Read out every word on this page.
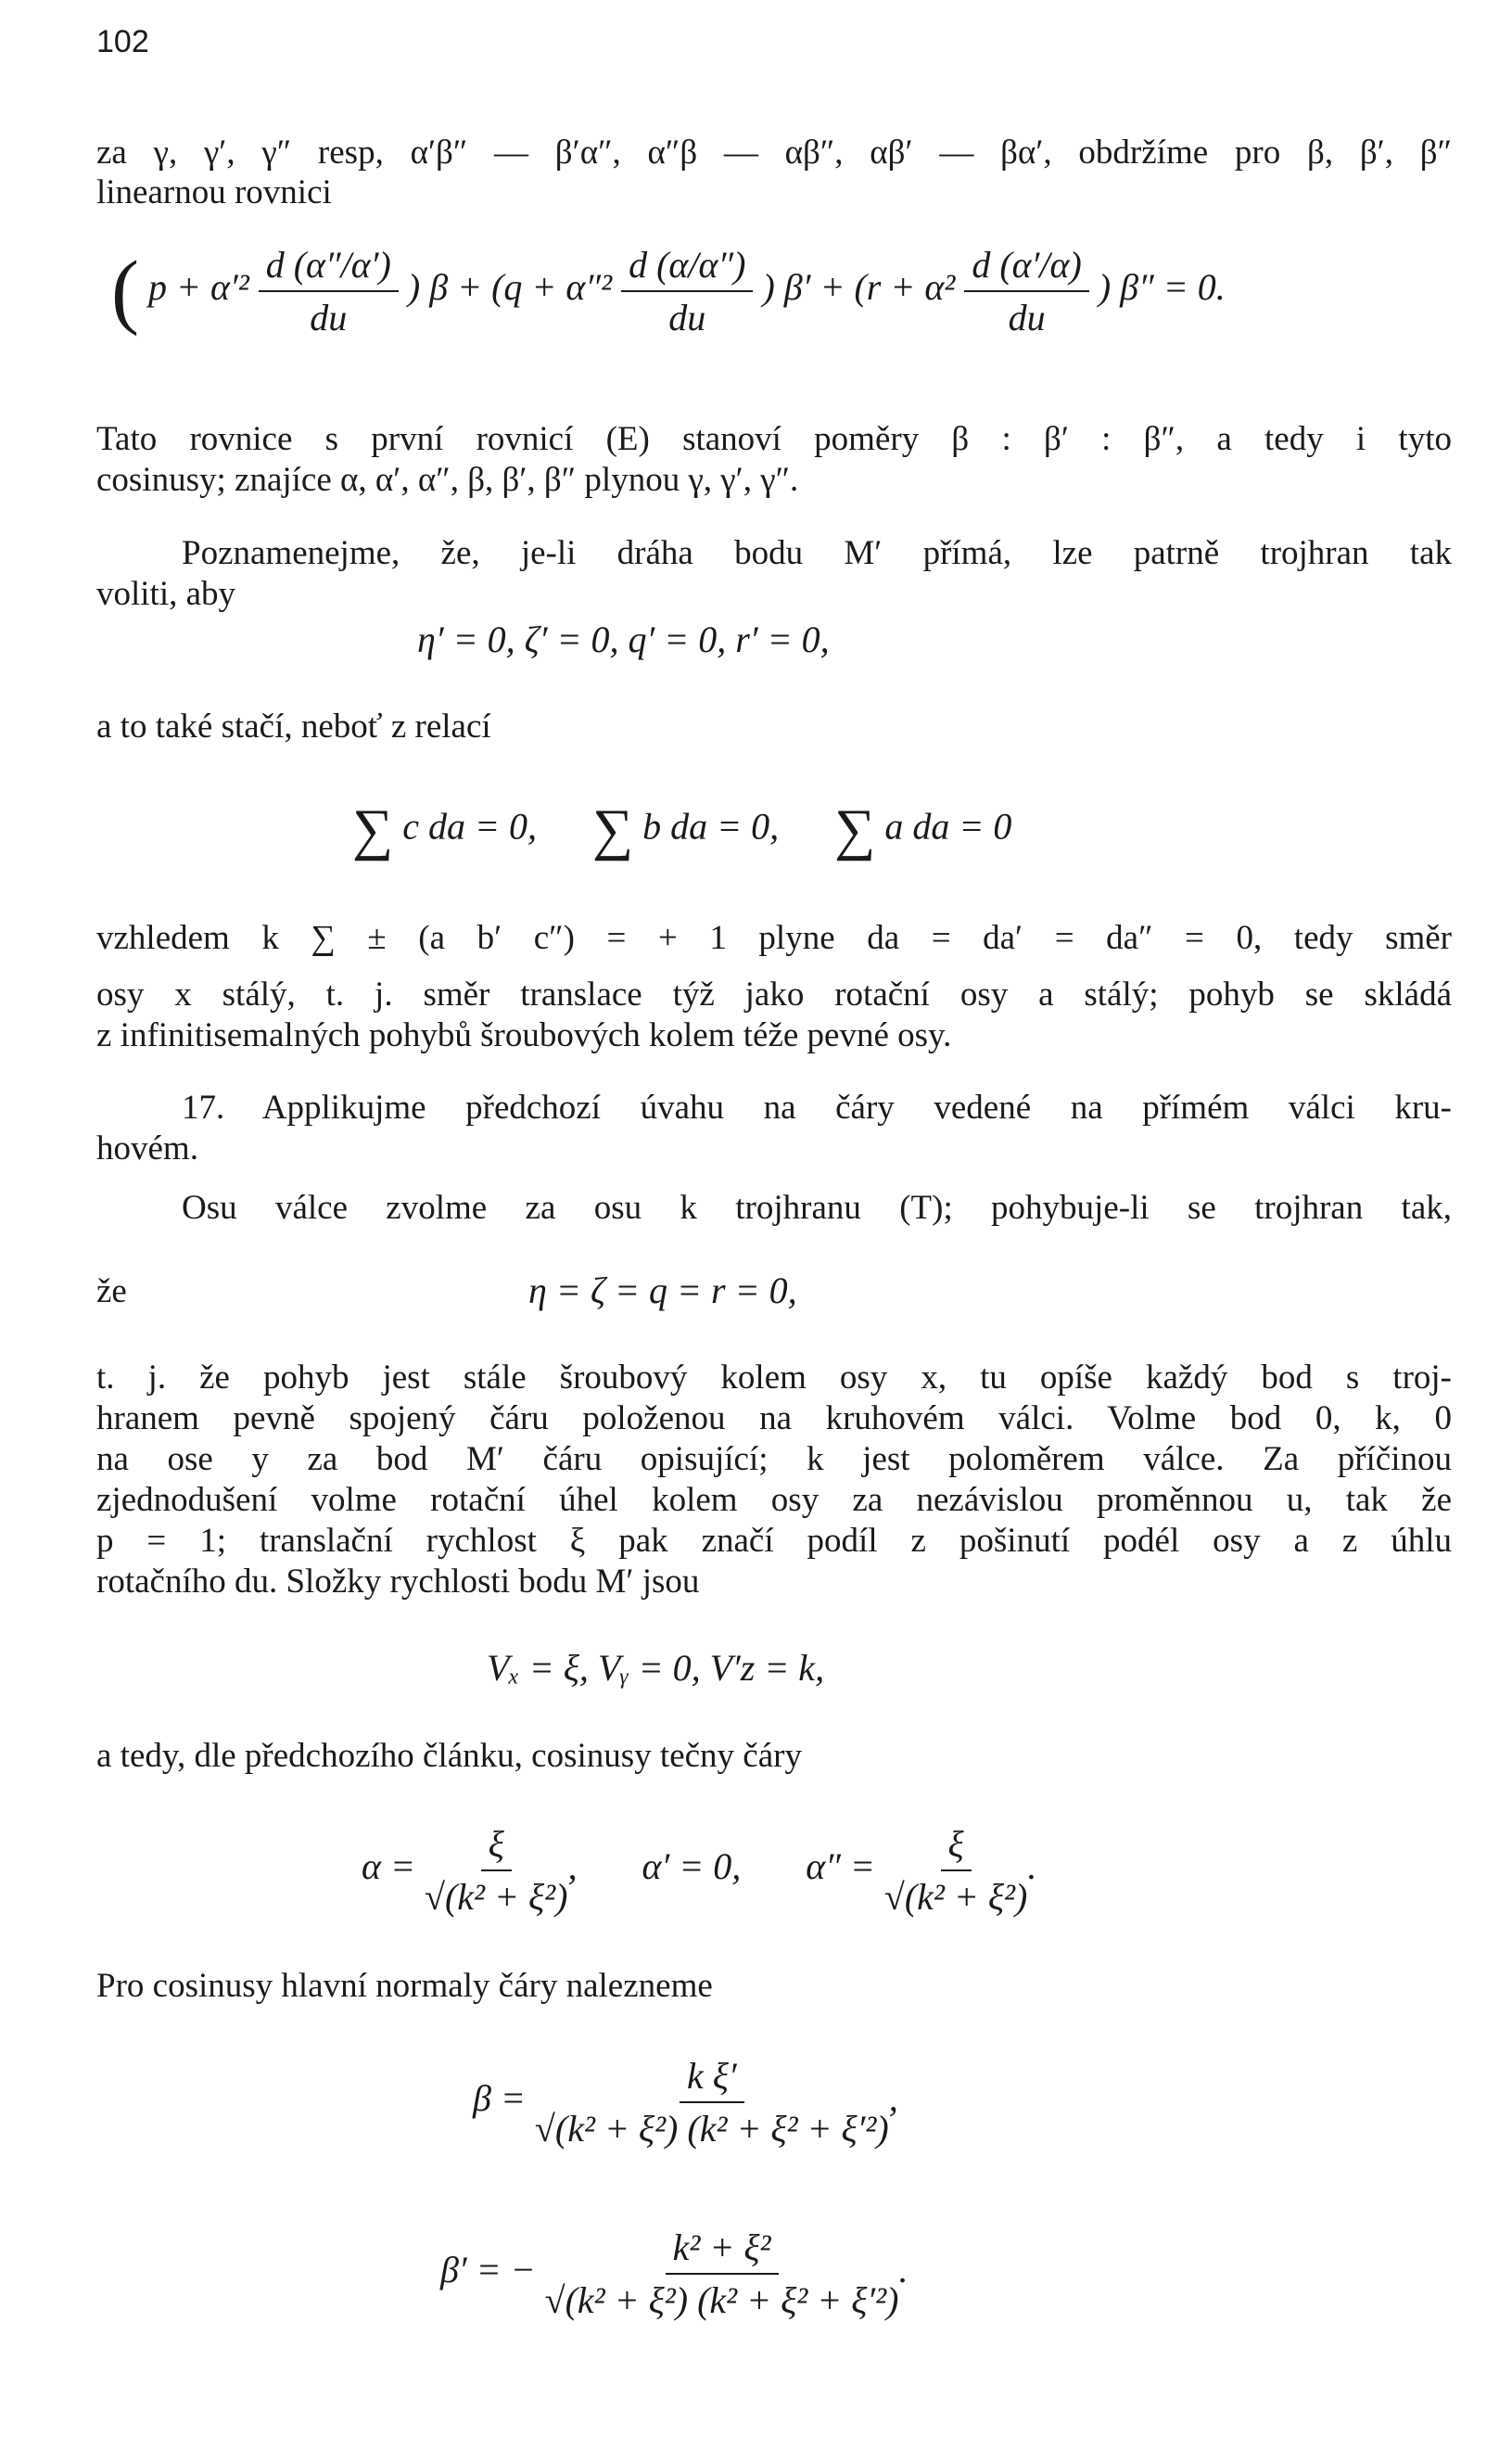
102
za γ, γ′, γ″ resp, α′β″ — β′α″, α″β — αβ″, αβ′ — βα′, obdržíme pro β, β′, β″
linearnou rovnici
( $p + \alpha'^2 \frac{d (\alpha''/\alpha')}{du}$ ) $\beta + (q + \alpha''^2 \frac{d (\alpha/\alpha'')}{du}$ ) $\beta' + (r + \alpha^2 \frac{d (\alpha'/\alpha)}{du}$ ) β″ = 0.
Tato rovnice s první rovnicí (E) stanoví poměry β : β′ : β″, a tedy i tyto
cosinusy; znajíce α, α′, α″, β, β′, β″ plynou γ, γ′, γ″.
Poznamenejme, že, je-li dráha bodu M′ přímá, lze patrně trojhran tak
voliti, aby
η′ = 0, ζ′ = 0, q′ = 0, r′ = 0,
a to také stačí, neboť z relací
∑ c da = 0, ∑ b da = 0, ∑ a da = 0
vzhledem k ∑ ± (a b′ c″) = + 1 plyne da = da′ = da″ = 0, tedy směr
osy x stálý, t. j. směr translace týž jako rotační osy a stálý; pohyb se skládá
z infinitisemalných pohybů šroubových kolem téže pevné osy.
17. Applikujme předchozí úvahu na čáry vedené na přímém válci kru-
hovém.
Osu válce zvolme za osu k trojhranu (T); pohybuje-li se trojhran tak,
že	η = ζ = q = r = 0,
t. j. že pohyb jest stále šroubový kolem osy x, tu opíše každý bod s troj-
hranem pevně spojený čáru položenou na kruhovém válci. Volme bod 0, k, 0
na ose y za bod M′ čáru opisující; k jest poloměrem válce. Za příčinou
zjednodušení volme rotační úhel kolem osy za nezávislou proměnnou u, tak že
p = 1; translační rychlost ξ pak značí podíl z pošinutí podél osy a z úhlu
rotačního du. Složky rychlosti bodu M′ jsou
Vₓ = ξ, Vᵧ = 0, V′z = k,
a tedy, dle předchozího článku, cosinusy tečny čáry
$\alpha = \frac{\xi}{\text{√(k² + ξ²)}}$ , α′ = 0, $\alpha'' = \frac{\xi}{\text{√(k² + ξ²)}}$ .
Pro cosinusy hlavní normaly čáry nalezneme
$\beta = \frac{\text{k ξ′}}{\text{√(k² + ξ²) (k² + ξ² + ξ′²)}}$ ,
β′ = − $\frac{\text{k² + ξ²}}{\text{√(k² + ξ²) (k² + ξ² + ξ′²)}}$ .
